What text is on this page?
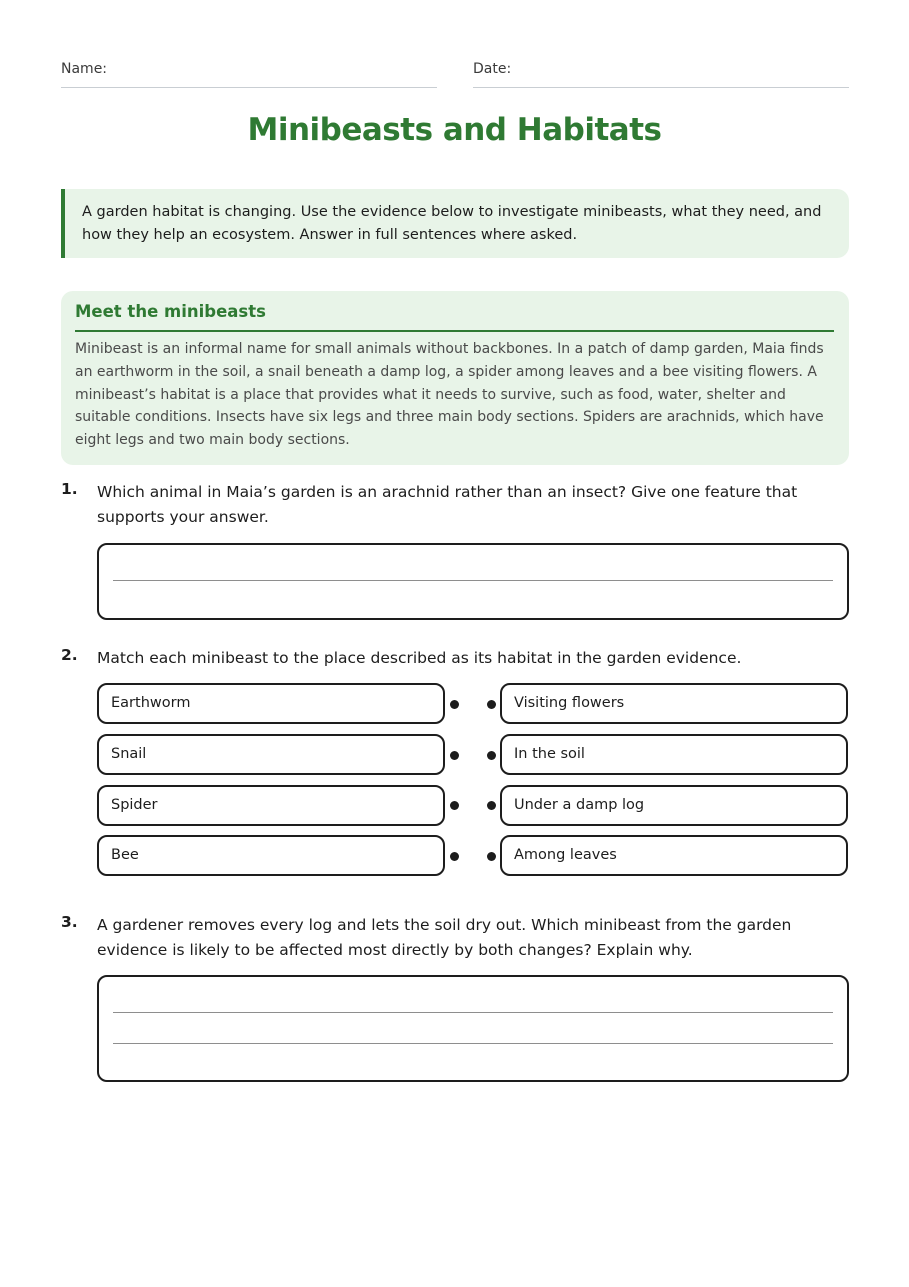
Name:	Date:
Minibeasts and Habitats
A garden habitat is changing. Use the evidence below to investigate minibeasts, what they need, and how they help an ecosystem. Answer in full sentences where asked.
Meet the minibeasts
Minibeast is an informal name for small animals without backbones. In a patch of damp garden, Maia finds an earthworm in the soil, a snail beneath a damp log, a spider among leaves and a bee visiting flowers. A minibeast’s habitat is a place that provides what it needs to survive, such as food, water, shelter and suitable conditions. Insects have six legs and three main body sections. Spiders are arachnids, which have eight legs and two main body sections.
1. Which animal in Maia’s garden is an arachnid rather than an insect? Give one feature that supports your answer.
2. Match each minibeast to the place described as its habitat in the garden evidence.
Earthworm	Visiting flowers
Snail	In the soil
Spider	Under a damp log
Bee	Among leaves
3. A gardener removes every log and lets the soil dry out. Which minibeast from the garden evidence is likely to be affected most directly by both changes? Explain why.
